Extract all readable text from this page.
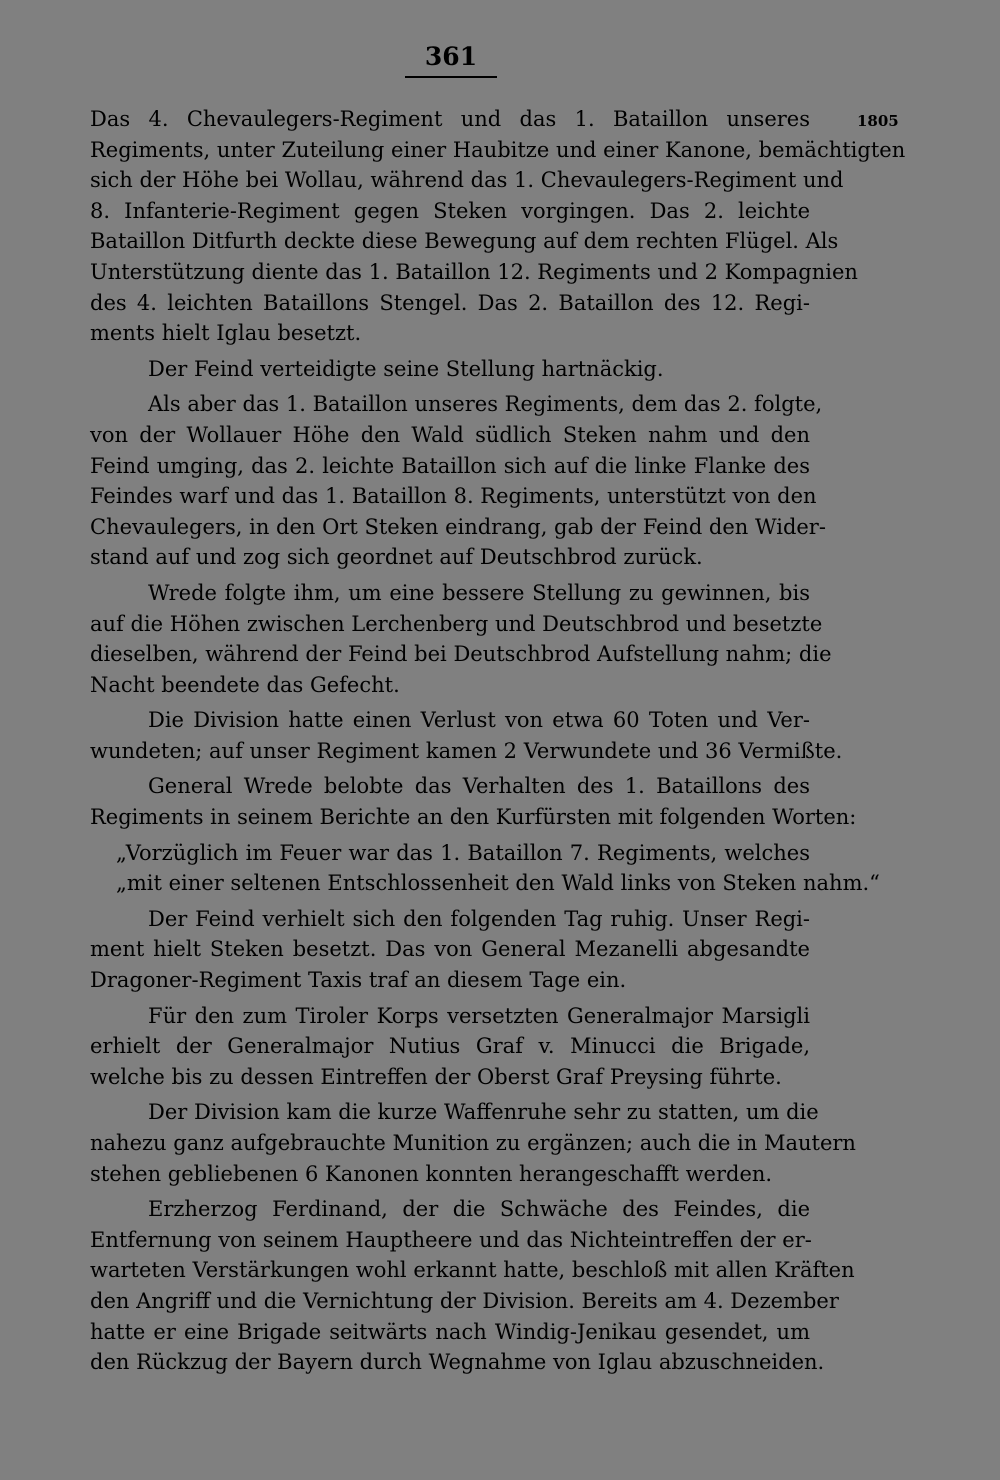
361
1805
Das 4. Chevaulegers-Regiment und das 1. Bataillon unseres
Regiments, unter Zuteilung einer Haubitze und einer Kanone, bemächtigten
sich der Höhe bei Wollau, während das 1. Chevaulegers-Regiment und
8. Infanterie-Regiment gegen Steken vorgingen. Das 2. leichte
Bataillon Ditfurth deckte diese Bewegung auf dem rechten Flügel. Als
Unterstützung diente das 1. Bataillon 12. Regiments und 2 Kompagnien
des 4. leichten Bataillons Stengel. Das 2. Bataillon des 12. Regi-
ments hielt Iglau besetzt.
Der Feind verteidigte seine Stellung hartnäckig.
Als aber das 1. Bataillon unseres Regiments, dem das 2. folgte,
von der Wollauer Höhe den Wald südlich Steken nahm und den
Feind umging, das 2. leichte Bataillon sich auf die linke Flanke des
Feindes warf und das 1. Bataillon 8. Regiments, unterstützt von den
Chevaulegers, in den Ort Steken eindrang, gab der Feind den Wider-
stand auf und zog sich geordnet auf Deutschbrod zurück.
Wrede folgte ihm, um eine bessere Stellung zu gewinnen, bis
auf die Höhen zwischen Lerchenberg und Deutschbrod und besetzte
dieselben, während der Feind bei Deutschbrod Aufstellung nahm; die
Nacht beendete das Gefecht.
Die Division hatte einen Verlust von etwa 60 Toten und Ver-
wundeten; auf unser Regiment kamen 2 Verwundete und 36 Vermißte.
General Wrede belobte das Verhalten des 1. Bataillons des
Regiments in seinem Berichte an den Kurfürsten mit folgenden Worten:
„Vorzüglich im Feuer war das 1. Bataillon 7. Regiments, welches
„mit einer seltenen Entschlossenheit den Wald links von Steken nahm.“
Der Feind verhielt sich den folgenden Tag ruhig. Unser Regi-
ment hielt Steken besetzt. Das von General Mezanelli abgesandte
Dragoner-Regiment Taxis traf an diesem Tage ein.
Für den zum Tiroler Korps versetzten Generalmajor Marsigli
erhielt der Generalmajor Nutius Graf v. Minucci die Brigade,
welche bis zu dessen Eintreffen der Oberst Graf Preysing führte.
Der Division kam die kurze Waffenruhe sehr zu statten, um die
nahezu ganz aufgebrauchte Munition zu ergänzen; auch die in Mautern
stehen gebliebenen 6 Kanonen konnten herangeschafft werden.
Erzherzog Ferdinand, der die Schwäche des Feindes, die
Entfernung von seinem Hauptheere und das Nichteintreffen der er-
warteten Verstärkungen wohl erkannt hatte, beschloß mit allen Kräften
den Angriff und die Vernichtung der Division. Bereits am 4. Dezember
hatte er eine Brigade seitwärts nach Windig-Jenikau gesendet, um
den Rückzug der Bayern durch Wegnahme von Iglau abzuschneiden.
